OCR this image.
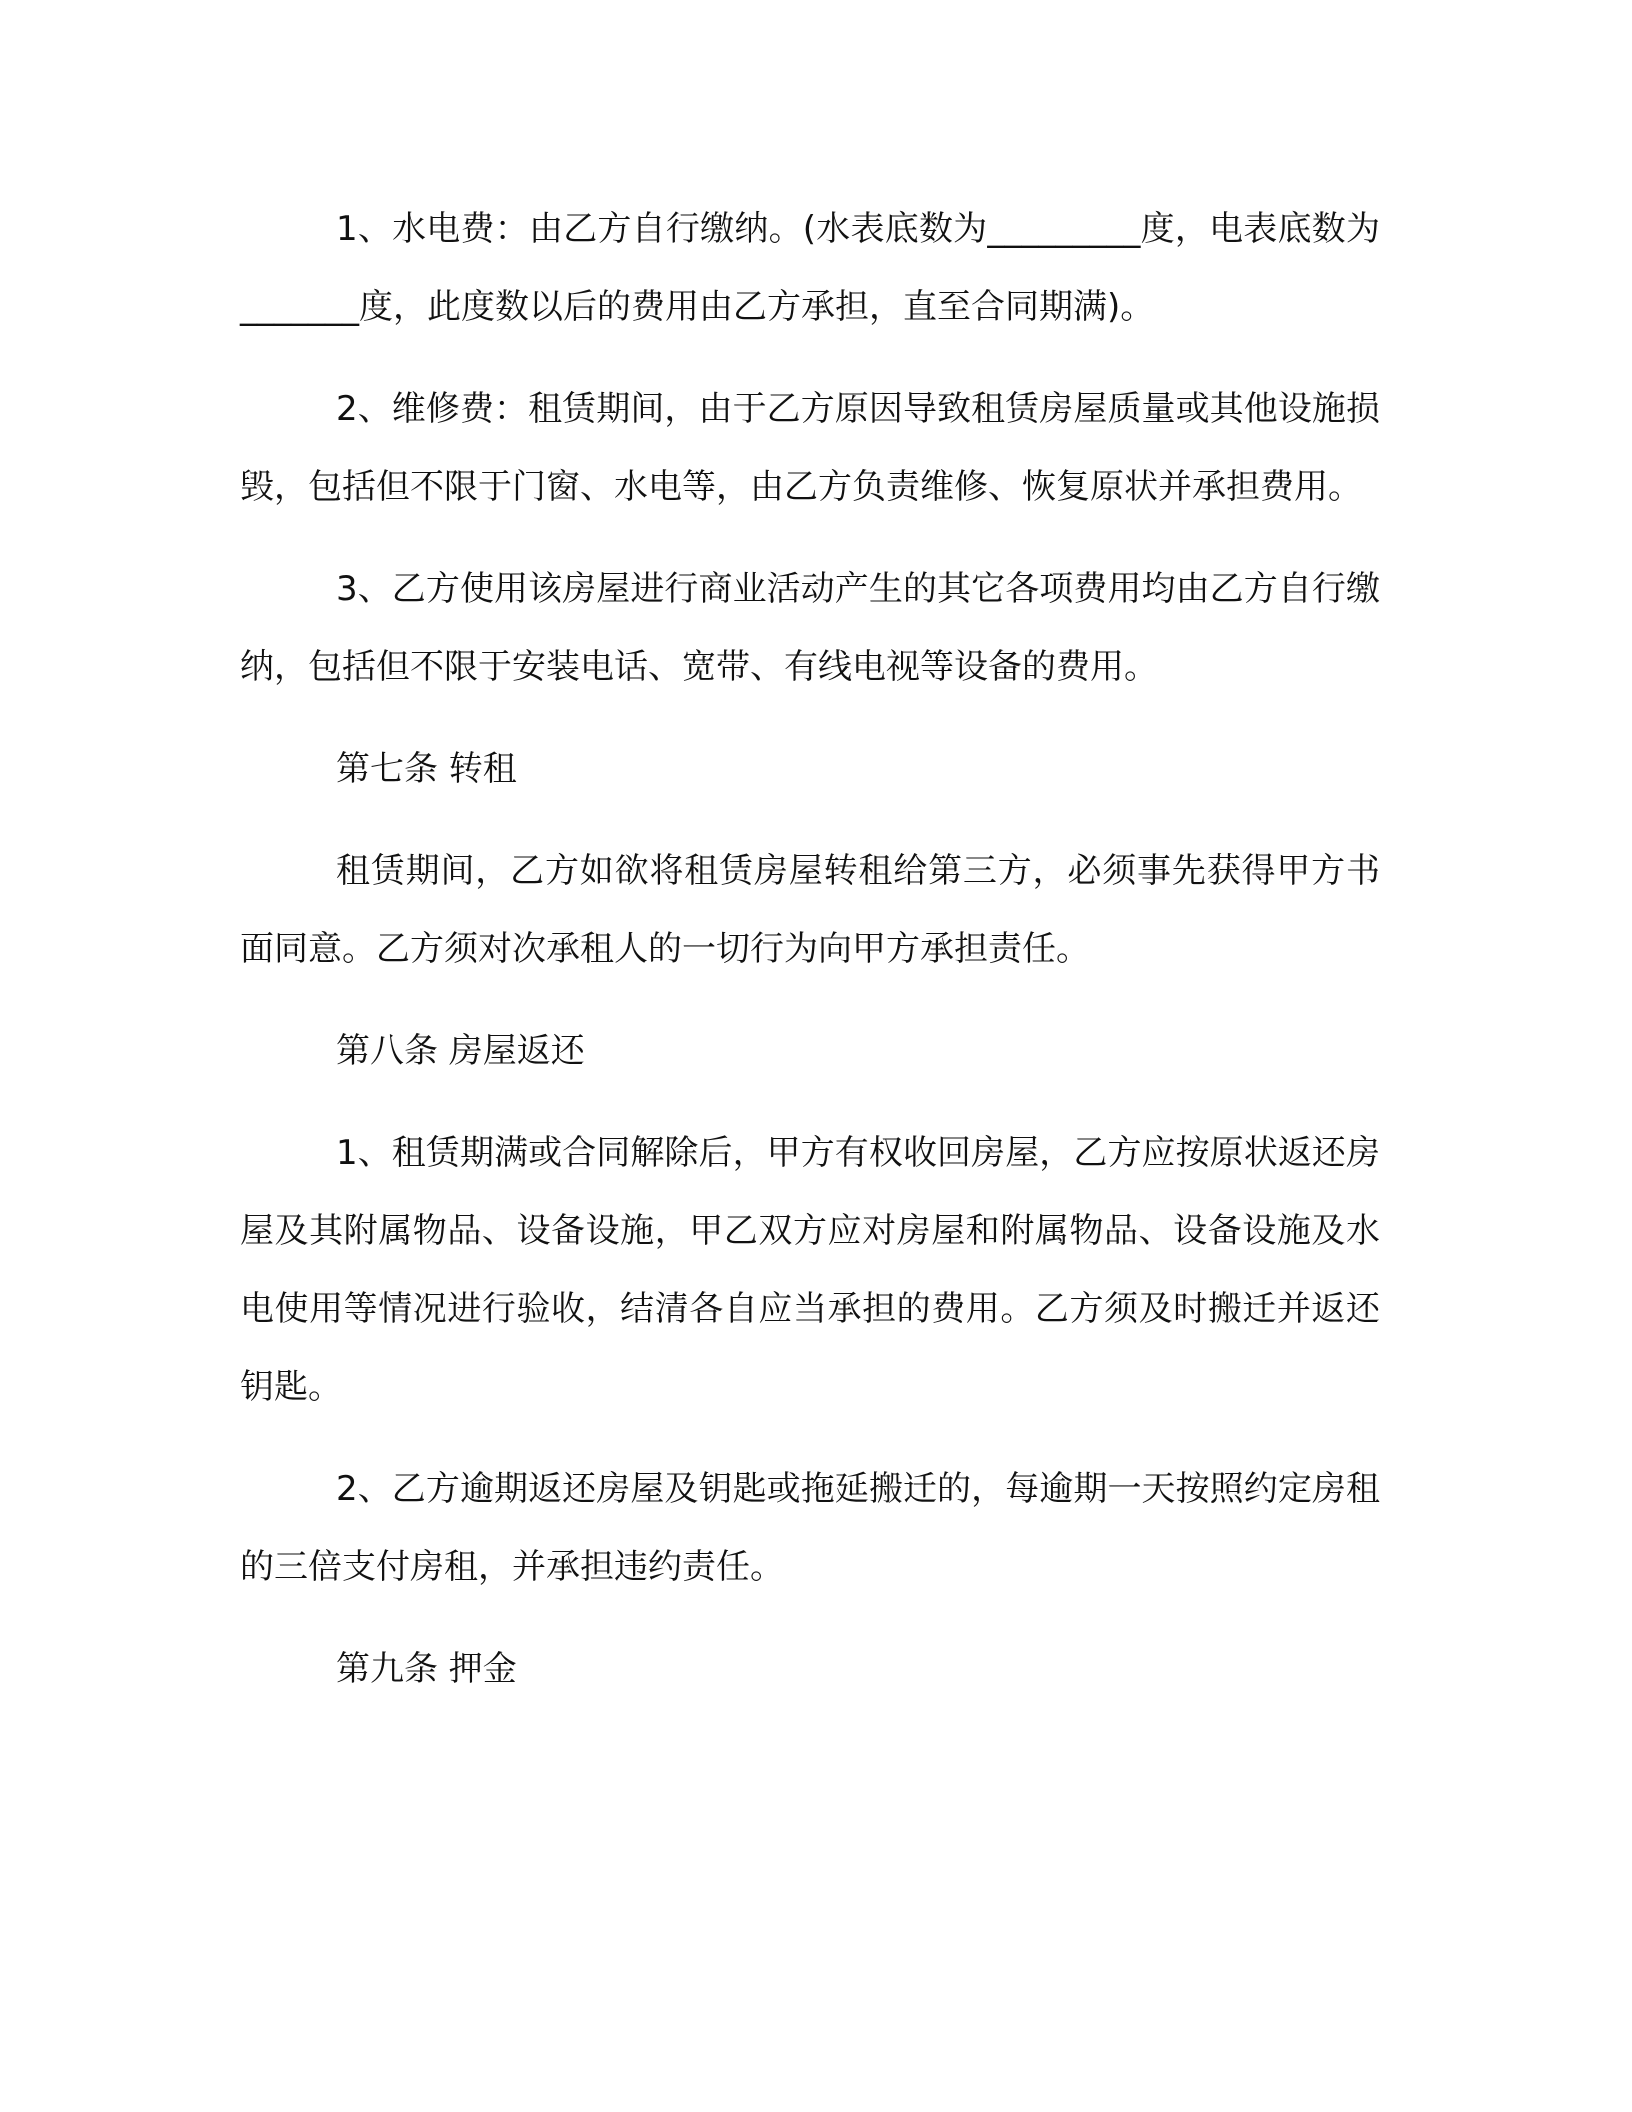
1、水电费：由乙方自行缴纳。(水表底数为_________度，电表底数为_______度，此度数以后的费用由乙方承担，直至合同期满)。

2、维修费：租赁期间，由于乙方原因导致租赁房屋质量或其他设施损毁，包括但不限于门窗、水电等，由乙方负责维修、恢复原状并承担费用。

3、乙方使用该房屋进行商业活动产生的其它各项费用均由乙方自行缴纳，包括但不限于安装电话、宽带、有线电视等设备的费用。

第七条 转租

租赁期间，乙方如欲将租赁房屋转租给第三方，必须事先获得甲方书面同意。乙方须对次承租人的一切行为向甲方承担责任。

第八条 房屋返还

1、租赁期满或合同解除后，甲方有权收回房屋，乙方应按原状返还房屋及其附属物品、设备设施，甲乙双方应对房屋和附属物品、设备设施及水电使用等情况进行验收，结清各自应当承担的费用。乙方须及时搬迁并返还钥匙。

2、乙方逾期返还房屋及钥匙或拖延搬迁的，每逾期一天按照约定房租的三倍支付房租，并承担违约责任。

第九条 押金
